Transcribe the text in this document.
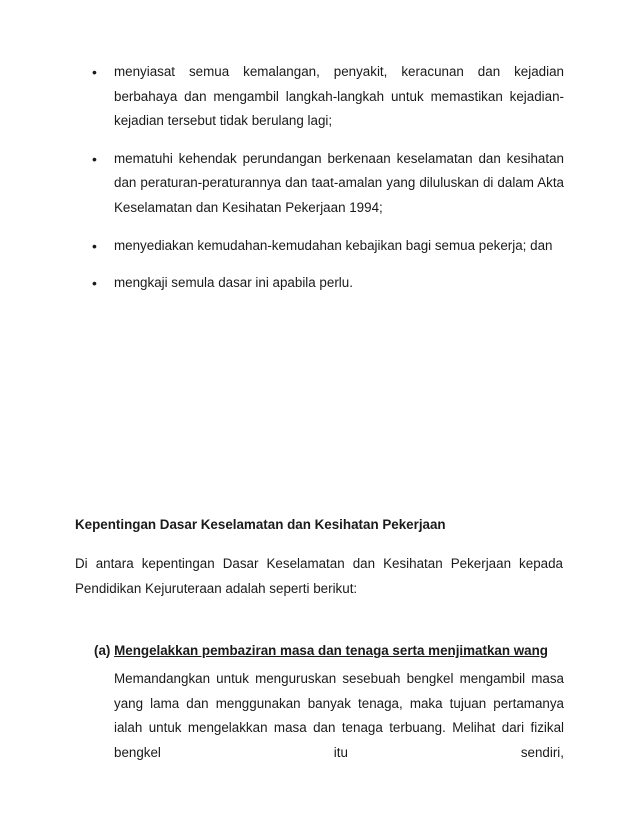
• menyiasat semua kemalangan, penyakit, keracunan dan kejadian berbahaya dan mengambil langkah-langkah untuk memastikan kejadian-kejadian tersebut tidak berulang lagi;
• mematuhi kehendak perundangan berkenaan keselamatan dan kesihatan dan peraturan-peraturannya dan taat-amalan yang diluluskan di dalam Akta Keselamatan dan Kesihatan Pekerjaan 1994;
• menyediakan kemudahan-kemudahan kebajikan bagi semua pekerja; dan
• mengkaji semula dasar ini apabila perlu.
Kepentingan Dasar Keselamatan dan Kesihatan Pekerjaan
Di antara kepentingan Dasar Keselamatan dan Kesihatan Pekerjaan kepada Pendidikan Kejuruteraan adalah seperti berikut:
(a) Mengelakkan pembaziran masa dan tenaga serta menjimatkan wang
Memandangkan untuk menguruskan sesebuah bengkel mengambil masa yang lama dan menggunakan banyak tenaga, maka tujuan pertamanya ialah untuk mengelakkan masa dan tenaga terbuang. Melihat dari fizikal bengkel itu sendiri,
